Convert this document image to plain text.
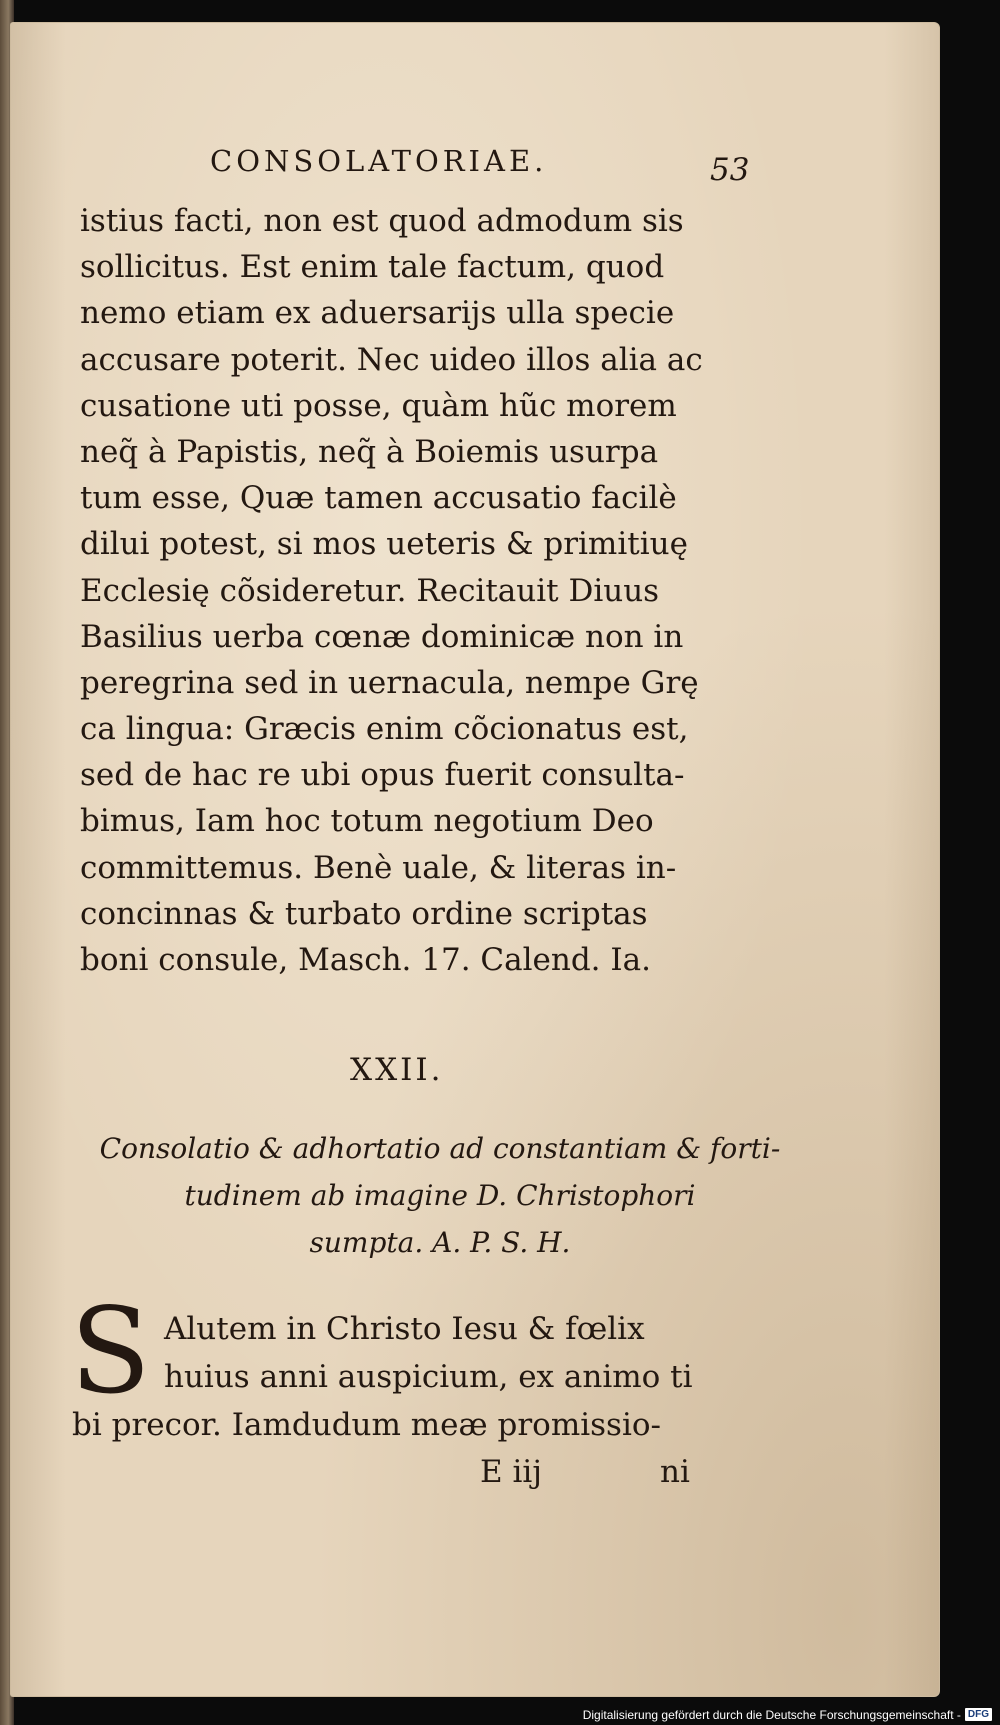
CONSOLATORIAE.	53
istius facti, non est quod admodum sis
sollicitus. Est enim tale factum, quod
nemo etiam ex aduersarijs ulla specie
accusare poterit. Nec uideo illos alia ac
cusatione uti posse, quàm hũc morem
neq̃ à Papistis, neq̃ à Boiemis usurpa
tum esse, Quæ tamen accusatio facilè
dilui potest, si mos ueteris & primitiuę
Ecclesię cõsideretur. Recitauit Diuus
Basilius uerba cœnæ dominicæ non in
peregrina sed in uernacula, nempe Grę
ca lingua: Græcis enim cõcionatus est,
sed de hac re ubi opus fuerit consulta-
bimus, Iam hoc totum negotium Deo
committemus. Benè uale, & literas in-
concinnas & turbato ordine scriptas
boni consule, Masch. 17. Calend. Ia.
XXII.
Consolatio & adhortatio ad constantiam & forti-
tudinem ab imagine D. Christophori
sumpta. A. P. S. H.
S Alutem in Christo Iesu & fœlix
huius anni auspicium, ex animo ti
bi precor. Iamdudum meæ promissio-
E iij	ni
Digitalisierung gefördert durch die Deutsche Forschungsgemeinschaft - DFG
